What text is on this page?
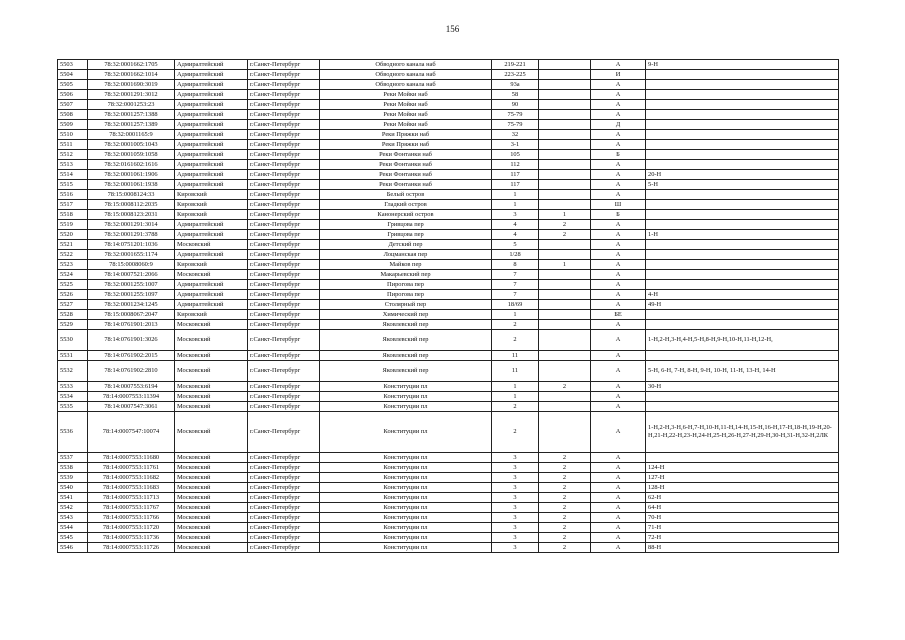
156
5503	78:32:0001662:1705	Адмиралтейский	г.Санкт-Петербург	Обводного канала наб	219-221		А	9-Н
5504	78:32:0001662:1014	Адмиралтейский	г.Санкт-Петербург	Обводного канала наб	223-225		И	
5505	78:32:0001690:3019	Адмиралтейский	г.Санкт-Петербург	Обводного канала наб	93а		А	
5506	78:32:0001291:3012	Адмиралтейский	г.Санкт-Петербург	Реки Мойки наб	58		А	
5507	78:32:0001253:23	Адмиралтейский	г.Санкт-Петербург	Реки Мойки наб	90		А	
5508	78:32:0001257:1388	Адмиралтейский	г.Санкт-Петербург	Реки Мойки наб	75-79		А	
5509	78:32:0001257:1389	Адмиралтейский	г.Санкт-Петербург	Реки Мойки наб	75-79		Д	
5510	78:32:0001165:9	Адмиралтейский	г.Санкт-Петербург	Реки Пряжки наб	32		А	
5511	78:32:0001005:1043	Адмиралтейский	г.Санкт-Петербург	Реки Пряжки наб	3-1		А	
5512	78:32:0001059:1058	Адмиралтейский	г.Санкт-Петербург	Реки Фонтанки наб	105		Б	
5513	78:32:0161602:1616	Адмиралтейский	г.Санкт-Петербург	Реки Фонтанки наб	112		А	
5514	78:32:0001061:1906	Адмиралтейский	г.Санкт-Петербург	Реки Фонтанки наб	117		А	20-Н
5515	78:32:0001061:1938	Адмиралтейский	г.Санкт-Петербург	Реки Фонтанки наб	117		А	5-Н
5516	78:15:0008124:33	Кировский	г.Санкт-Петербург	Белый остров	1		А	
5517	78:15:0008112:2035	Кировский	г.Санкт-Петербург	Гладкий остров	1		Ш	
5518	78:15:0008123:2031	Кировский	г.Санкт-Петербург	Канонерский остров	3	1	Б	
5519	78:32:0001291:3014	Адмиралтейский	г.Санкт-Петербург	Гривцова пер	4	2	А	
5520	78:32:0001291:3788	Адмиралтейский	г.Санкт-Петербург	Гривцова пер	4	2	А	1-Н
5521	78:14:0751201:1036	Московский	г.Санкт-Петербург	Детский пер	5		А	
5522	78:32:0001655:1174	Адмиралтейский	г.Санкт-Петербург	Лоцманская пер	1/28		А	
5523	78:15:0008060:9	Кировский	г.Санкт-Петербург	Майков пер	8	1	А	
5524	78:14:0007521:2066	Московский	г.Санкт-Петербург	Макарьевский пер	7		А	
5525	78:32:0001255:1007	Адмиралтейский	г.Санкт-Петербург	Пирогова пер	7		А	
5526	78:32:0001255:1097	Адмиралтейский	г.Санкт-Петербург	Пирогова пер	7		А	4-Н
5527	78:32:0001234:1245	Адмиралтейский	г.Санкт-Петербург	Столярный пер	18/69		А	49-Н
5528	78:15:0008067:2047	Кировский	г.Санкт-Петербург	Химический пер	1		БЕ	
5529	78:14:0761901:2013	Московский	г.Санкт-Петербург	Яковлевский пер	2		А	
5530	78:14:0761901:3026	Московский	г.Санкт-Петербург	Яковлевский пер	2		А	1-Н,2-Н,3-Н,4-Н,5-Н,8-Н,9-Н,10-Н,11-Н,12-Н,
5531	78:14:0761902:2015	Московский	г.Санкт-Петербург	Яковлевский пер	11		А	
5532	78:14:0761902:2810	Московский	г.Санкт-Петербург	Яковлевский пер	11		А	5-Н, 6-Н, 7-Н, 8-Н, 9-Н, 10-Н, 11-Н, 13-Н, 14-Н
5533	78:14:0007553:6194	Московский	г.Санкт-Петербург	Конституции пл	1	2	А	30-Н
5534	78:14:0007553:11394	Московский	г.Санкт-Петербург	Конституции пл	1		А	
5535	78:14:0007547:3061	Московский	г.Санкт-Петербург	Конституции пл	2		А	
5536	78:14:0007547:10074	Московский	г.Санкт-Петербург	Конституции пл	2		А	1-Н,2-Н,3-Н,6-Н,7-Н,10-Н,11-Н,14-Н,15-Н,16-Н,17-Н,18-Н,19-Н,20-Н,21-Н,22-Н,23-Н,24-Н,25-Н,26-Н,27-Н,29-Н,30-Н,31-Н,32-Н,2ЛК
5537	78:14:0007553:11680	Московский	г.Санкт-Петербург	Конституции пл	3	2	А	
5538	78:14:0007553:11761	Московский	г.Санкт-Петербург	Конституции пл	3	2	А	124-Н
5539	78:14:0007553:11682	Московский	г.Санкт-Петербург	Конституции пл	3	2	А	127-Н
5540	78:14:0007553:11683	Московский	г.Санкт-Петербург	Конституции пл	3	2	А	128-Н
5541	78:14:0007553:11713	Московский	г.Санкт-Петербург	Конституции пл	3	2	А	62-Н
5542	78:14:0007553:11767	Московский	г.Санкт-Петербург	Конституции пл	3	2	А	64-Н
5543	78:14:0007553:11766	Московский	г.Санкт-Петербург	Конституции пл	3	2	А	70-Н
5544	78:14:0007553:11720	Московский	г.Санкт-Петербург	Конституции пл	3	2	А	71-Н
5545	78:14:0007553:11736	Московский	г.Санкт-Петербург	Конституции пл	3	2	А	72-Н
5546	78:14:0007553:11726	Московский	г.Санкт-Петербург	Конституции пл	3	2	А	88-Н
